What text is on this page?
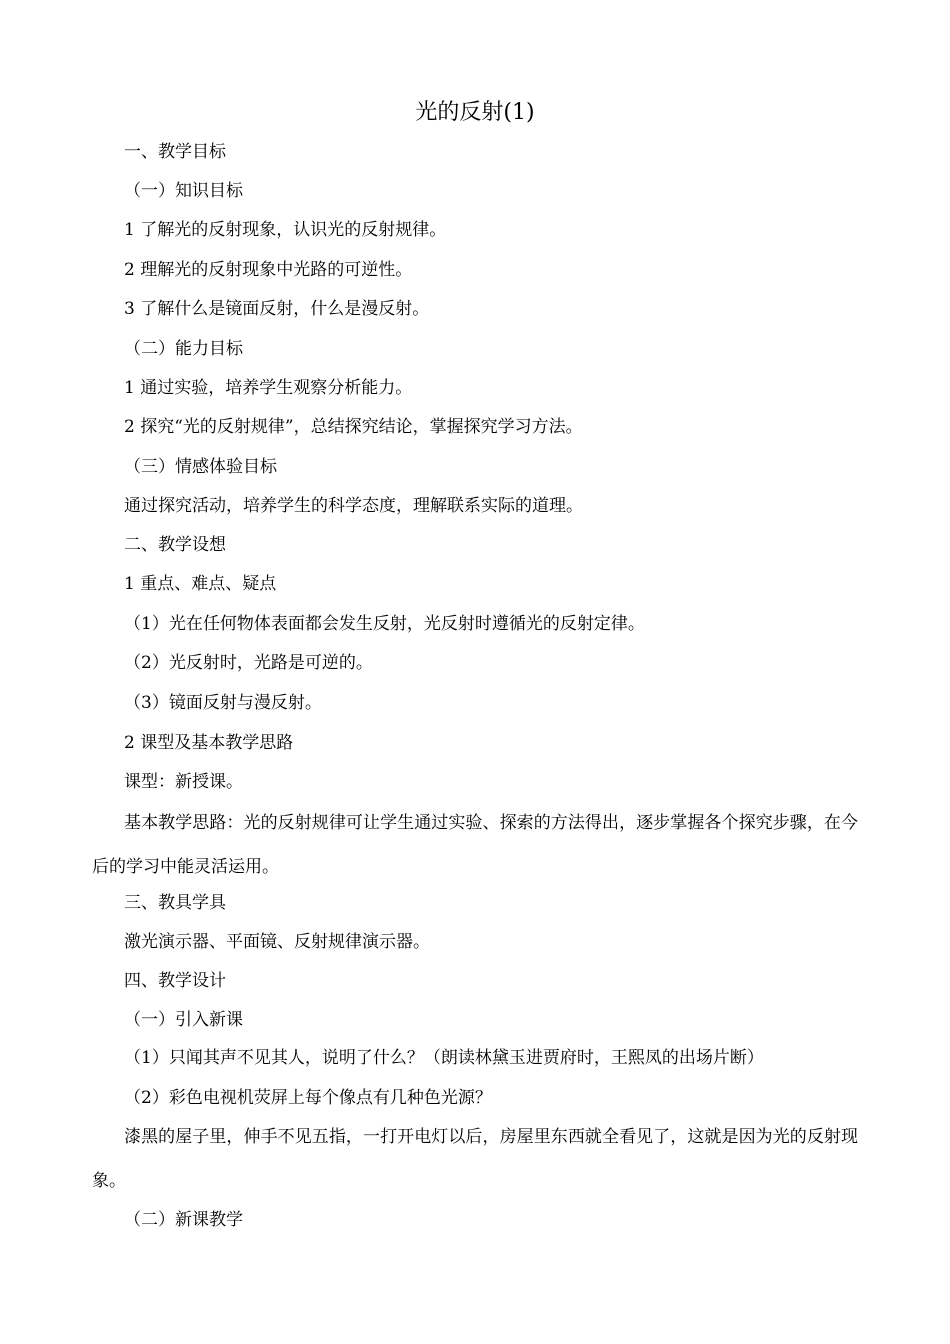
光的反射(1)

一、教学目标

（一）知识目标

1 了解光的反射现象，认识光的反射规律。

2 理解光的反射现象中光路的可逆性。

3 了解什么是镜面反射，什么是漫反射。

（二）能力目标

1 通过实验，培养学生观察分析能力。

2 探究“光的反射规律”，总结探究结论，掌握探究学习方法。

（三）情感体验目标

通过探究活动，培养学生的科学态度，理解联系实际的道理。

二、教学设想

1 重点、难点、疑点

（1）光在任何物体表面都会发生反射，光反射时遵循光的反射定律。

（2）光反射时，光路是可逆的。

（3）镜面反射与漫反射。

2 课型及基本教学思路

课型：新授课。

基本教学思路：光的反射规律可让学生通过实验、探索的方法得出，逐步掌握各个探究步骤，在今后的学习中能灵活运用。

三、教具学具

激光演示器、平面镜、反射规律演示器。

四、教学设计

（一）引入新课

（1）只闻其声不见其人，说明了什么？（朗读林黛玉进贾府时，王熙凤的出场片断）

（2）彩色电视机荧屏上每个像点有几种色光源？

漆黑的屋子里，伸手不见五指，一打开电灯以后，房屋里东西就全看见了，这就是因为光的反射现象。

（二）新课教学
